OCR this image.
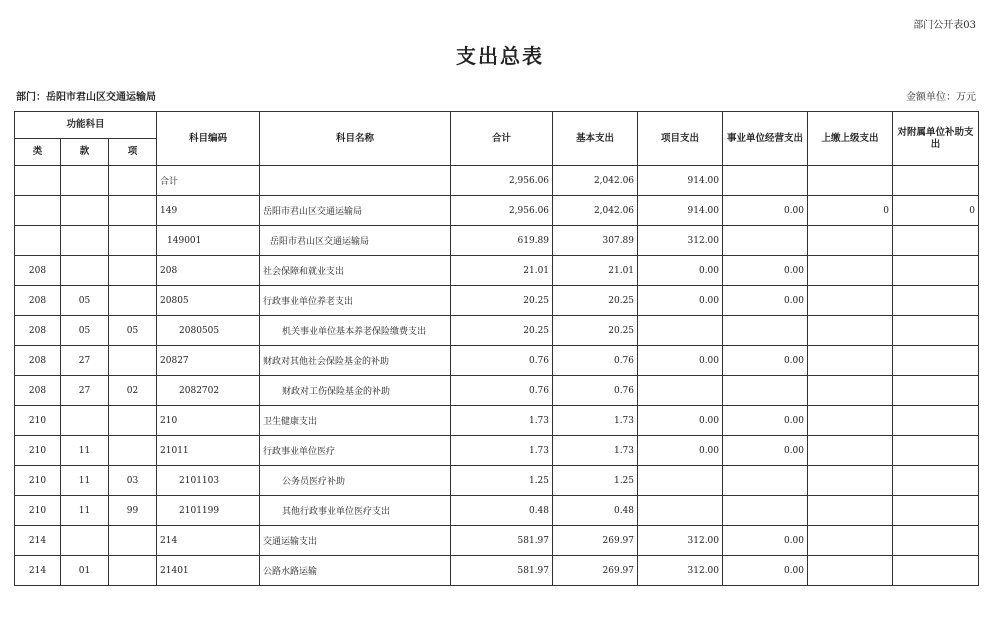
部门公开表03
支出总表
部门：岳阳市君山区交通运输局	金额单位：万元
功能科目			科目编码	科目名称	合计	基本支出	项目支出	事业单位经营支出	上缴上级支出	对附属单位补助支出
类	款	项								
			合计		2,956.06	2,042.06	914.00			
			149	岳阳市君山区交通运输局	2,956.06	2,042.06	914.00	0.00	0	0
			149001	岳阳市君山区交通运输局	619.89	307.89	312.00			
208			208	社会保障和就业支出	21.01	21.01	0.00	0.00		
208	05		20805	行政事业单位养老支出	20.25	20.25	0.00	0.00		
208	05	05	2080505	机关事业单位基本养老保险缴费支出	20.25	20.25				
208	27		20827	财政对其他社会保险基金的补助	0.76	0.76	0.00	0.00		
208	27	02	2082702	财政对工伤保险基金的补助	0.76	0.76				
210			210	卫生健康支出	1.73	1.73	0.00	0.00		
210	11		21011	行政事业单位医疗	1.73	1.73	0.00	0.00		
210	11	03	2101103	公务员医疗补助	1.25	1.25				
210	11	99	2101199	其他行政事业单位医疗支出	0.48	0.48				
214			214	交通运输支出	581.97	269.97	312.00	0.00		
214	01		21401	公路水路运输	581.97	269.97	312.00	0.00		
